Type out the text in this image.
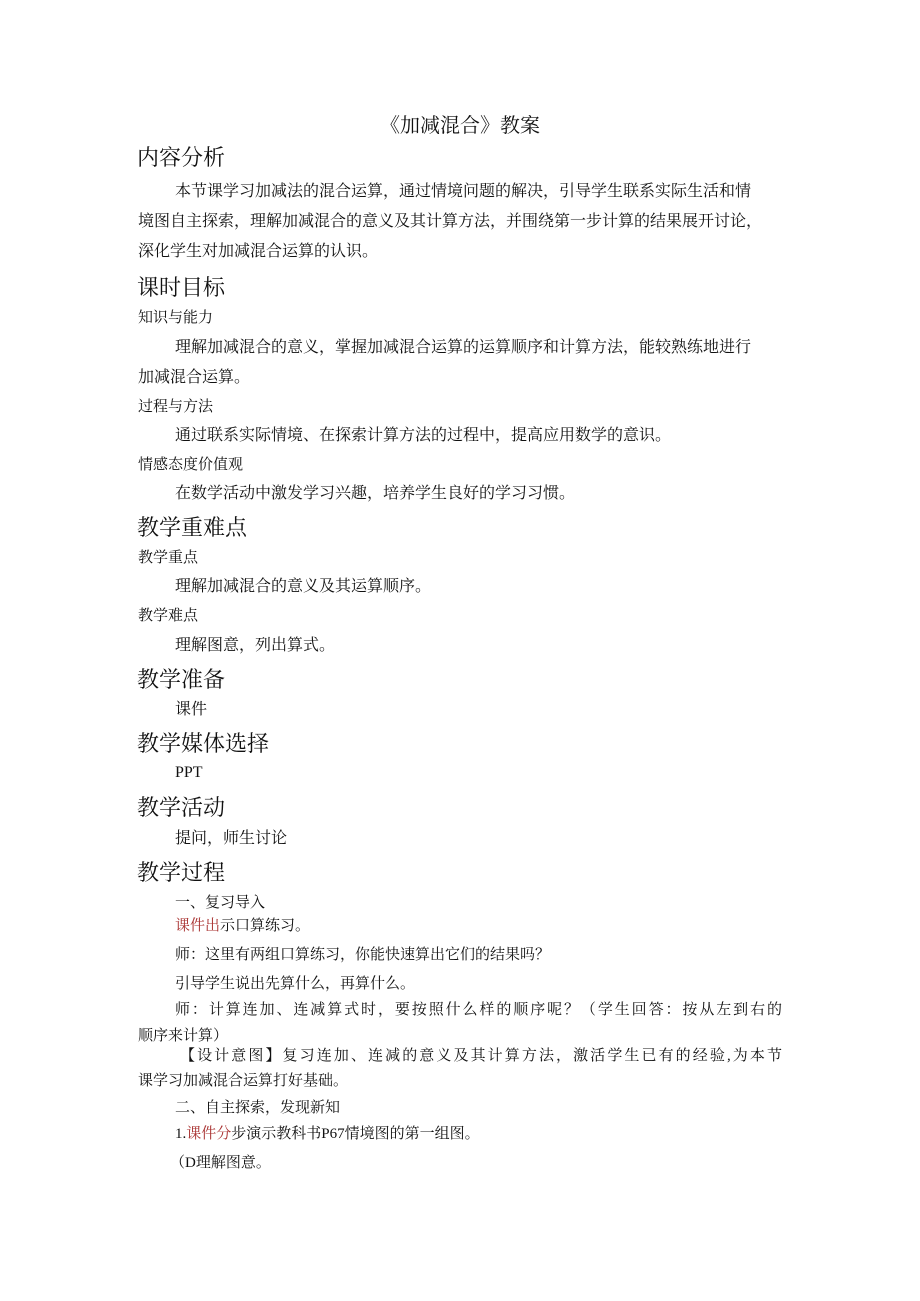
《加减混合》教案
内容分析
本节课学习加减法的混合运算，通过情境问题的解决，引导学生联系实际生活和情
境图自主探索，理解加减混合的意义及其计算方法，并围绕第一步计算的结果展开讨论，
深化学生对加减混合运算的认识。
课时目标
知识与能力
理解加减混合的意义，掌握加减混合运算的运算顺序和计算方法，能较熟练地进行
加减混合运算。
过程与方法
通过联系实际情境、在探索计算方法的过程中，提高应用数学的意识。
情感态度价值观
在数学活动中激发学习兴趣，培养学生良好的学习习惯。
教学重难点
教学重点
理解加减混合的意义及其运算顺序。
教学难点
理解图意，列出算式。
教学准备
课件
教学媒体选择
PPT
教学活动
提问，师生讨论
教学过程
一、复习导入
课件出示口算练习。
师：这里有两组口算练习，你能快速算出它们的结果吗？
引导学生说出先算什么，再算什么。
师：计算连加、连减算式时，要按照什么样的顺序呢？（学生回答：按从左到右的
顺序来计算）
【设计意图】复习连加、连减的意义及其计算方法，激活学生已有的经验,为本节
课学习加减混合运算打好基础。
二、自主探索，发现新知
1.课件分步演示教科书P67情境图的第一组图。
（D理解图意。
